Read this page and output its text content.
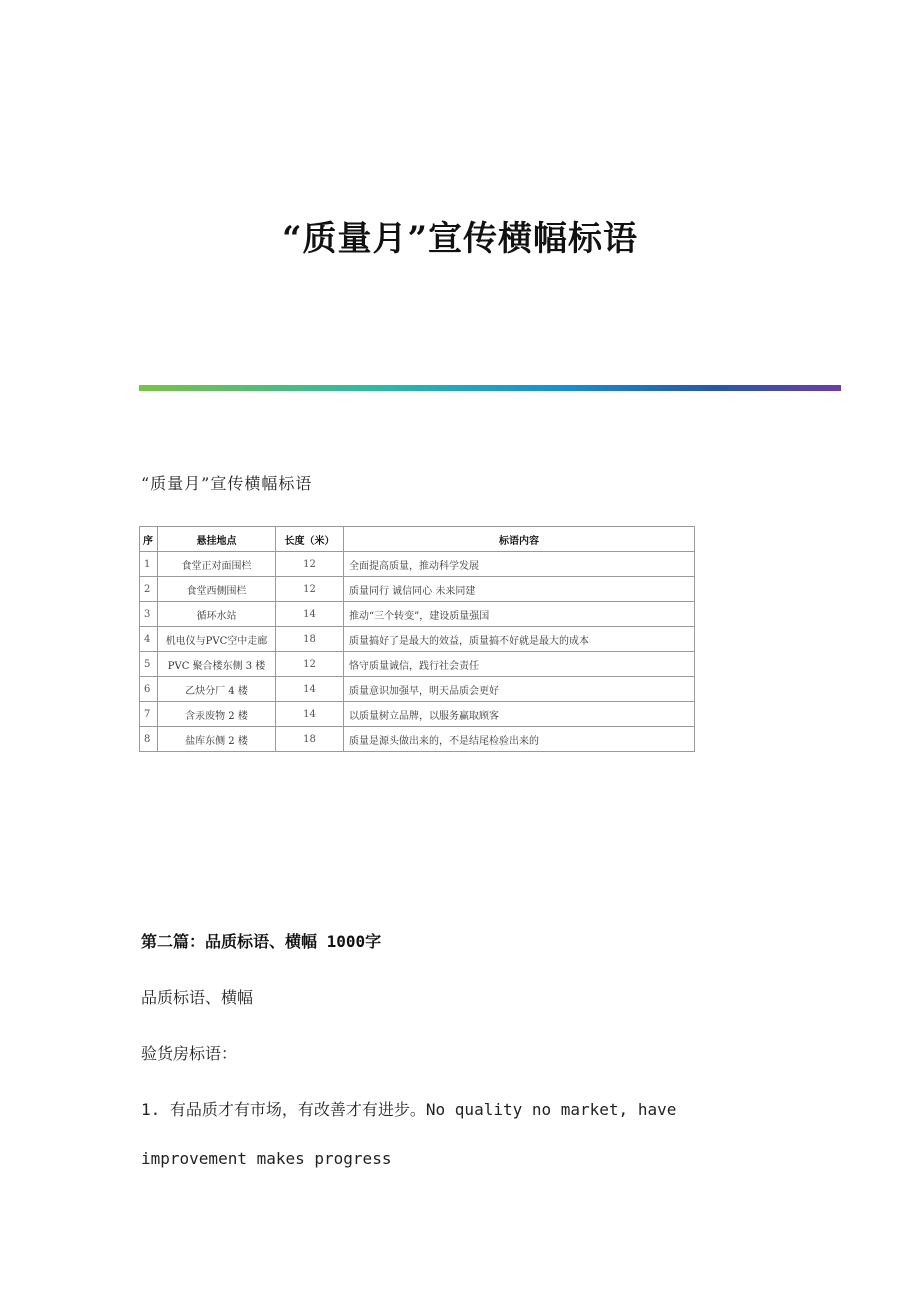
“质量月”宣传横幅标语
“质量月”宣传横幅标语
序	悬挂地点	长度（米）	标语内容
1	食堂正对面围栏	12	全面提高质量，推动科学发展
2	食堂西侧围栏	12	质量同行 诚信同心 未来同建
3	循环水站	14	推动“三个转变”，建设质量强国
4	机电仪与PVC空中走廊	18	质量搞好了是最大的效益，质量搞不好就是最大的成本
5	PVC 聚合楼东侧 3 楼	12	恪守质量诚信，践行社会责任
6	乙炔分厂 4 楼	14	质量意识加强早，明天品质会更好
7	含汞废物 2 楼	14	以质量树立品牌，以服务赢取顾客
8	盐库东侧 2 楼	18	质量是源头做出来的，不是结尾检验出来的
第二篇：品质标语、横幅 1000字
品质标语、横幅
验货房标语：
1. 有品质才有市场，有改善才有进步。No quality no market, have
improvement makes progress
